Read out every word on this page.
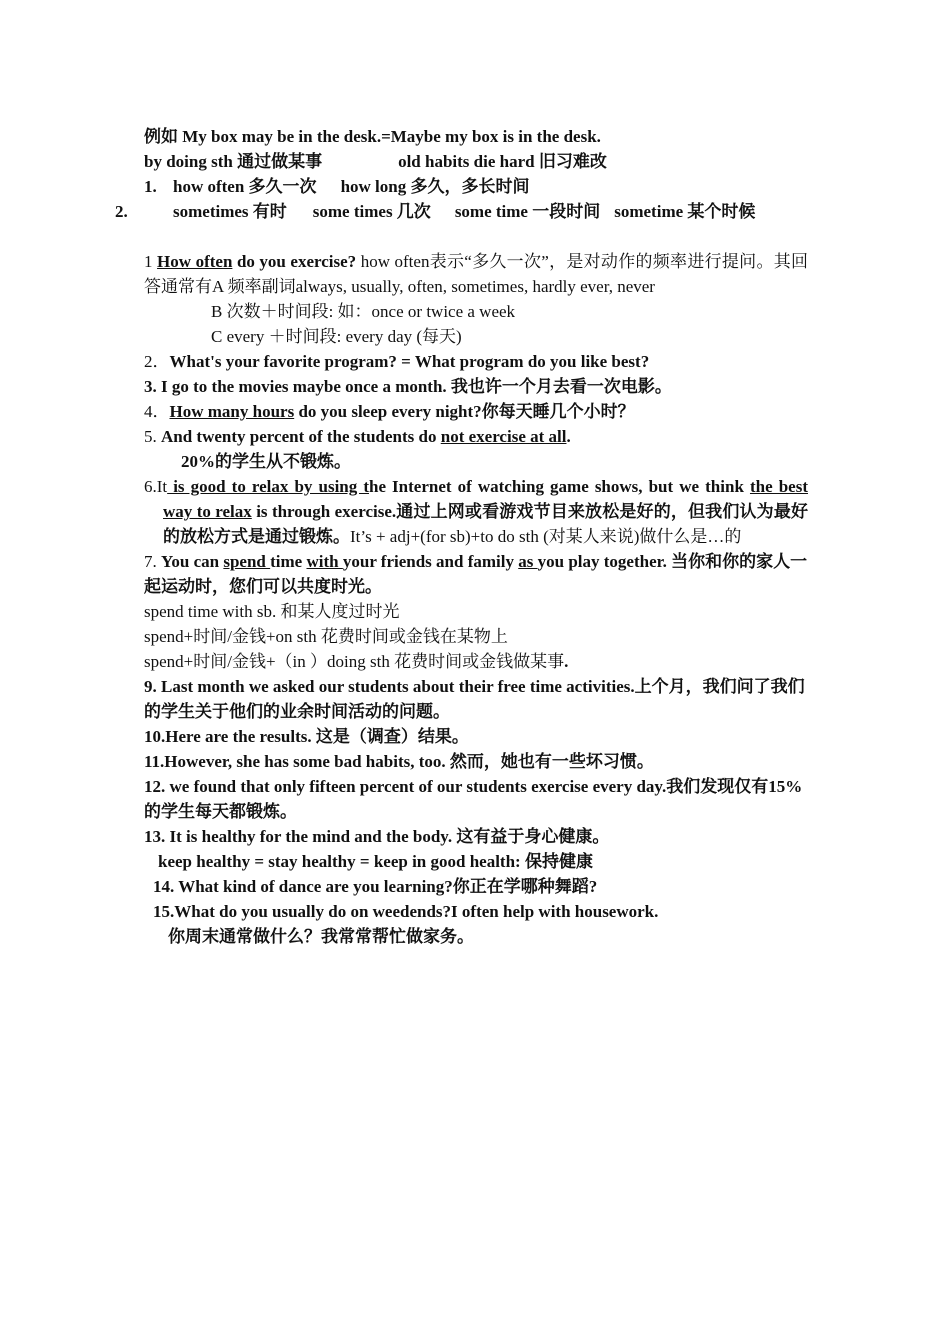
例如 My box may be in the desk.=Maybe my box is in the desk.

by doing sth 通过做某事	old habits die hard 旧习难改

1. how often 多久一次 how long 多久，多长时间

2.	sometimes 有时 some times 几次 some time 一段时间 sometime 某个时候

1 How often do you exercise? how often表示“多久一次”，是对动作的频率进行提问。其回答通常有A 频率副词always, usually, often, sometimes, hardly ever, never

B 次数＋时间段: 如：once or twice a week

C every ＋时间段: every day (每天)

2．What's your favorite program? = What program do you like best?

3. I go to the movies maybe once a month. 我也许一个月去看一次电影。

4．How many hours do you sleep every night?你每天睡几个小时？

5. And twenty percent of the students do not exercise at all.

20%的学生从不锻炼。

6.It is good to relax by using the Internet of watching game shows, but we think the best way to relax is through exercise.通过上网或看游戏节目来放松是好的，但我们认为最好的放松方式是通过锻炼。It’s + adj+(for sb)+to do sth (对某人来说)做什么是…的

7. You can spend time with your friends and family as you play together. 当你和你的家人一起运动时，您们可以共度时光。

spend time with sb. 和某人度过时光

spend+时间/金钱+on sth 花费时间或金钱在某物上

spend+时间/金钱+（in ）doing sth 花费时间或金钱做某事.

9. Last month we asked our students about their free time activities.上个月，我们问了我们的学生关于他们的业余时间活动的问题。

10.Here are the results. 这是（调查）结果。

11.However, she has some bad habits, too. 然而，她也有一些坏习惯。

12. we found that only fifteen percent of our students exercise every day.我们发现仅有15%的学生每天都锻炼。

13. It is healthy for the mind and the body. 这有益于身心健康。

keep healthy = stay healthy = keep in good health: 保持健康

14. What kind of dance are you learning?你正在学哪种舞蹈?

15.What do you usually do on weedends?I often help with housework.

你周末通常做什么？我常常帮忙做家务。
